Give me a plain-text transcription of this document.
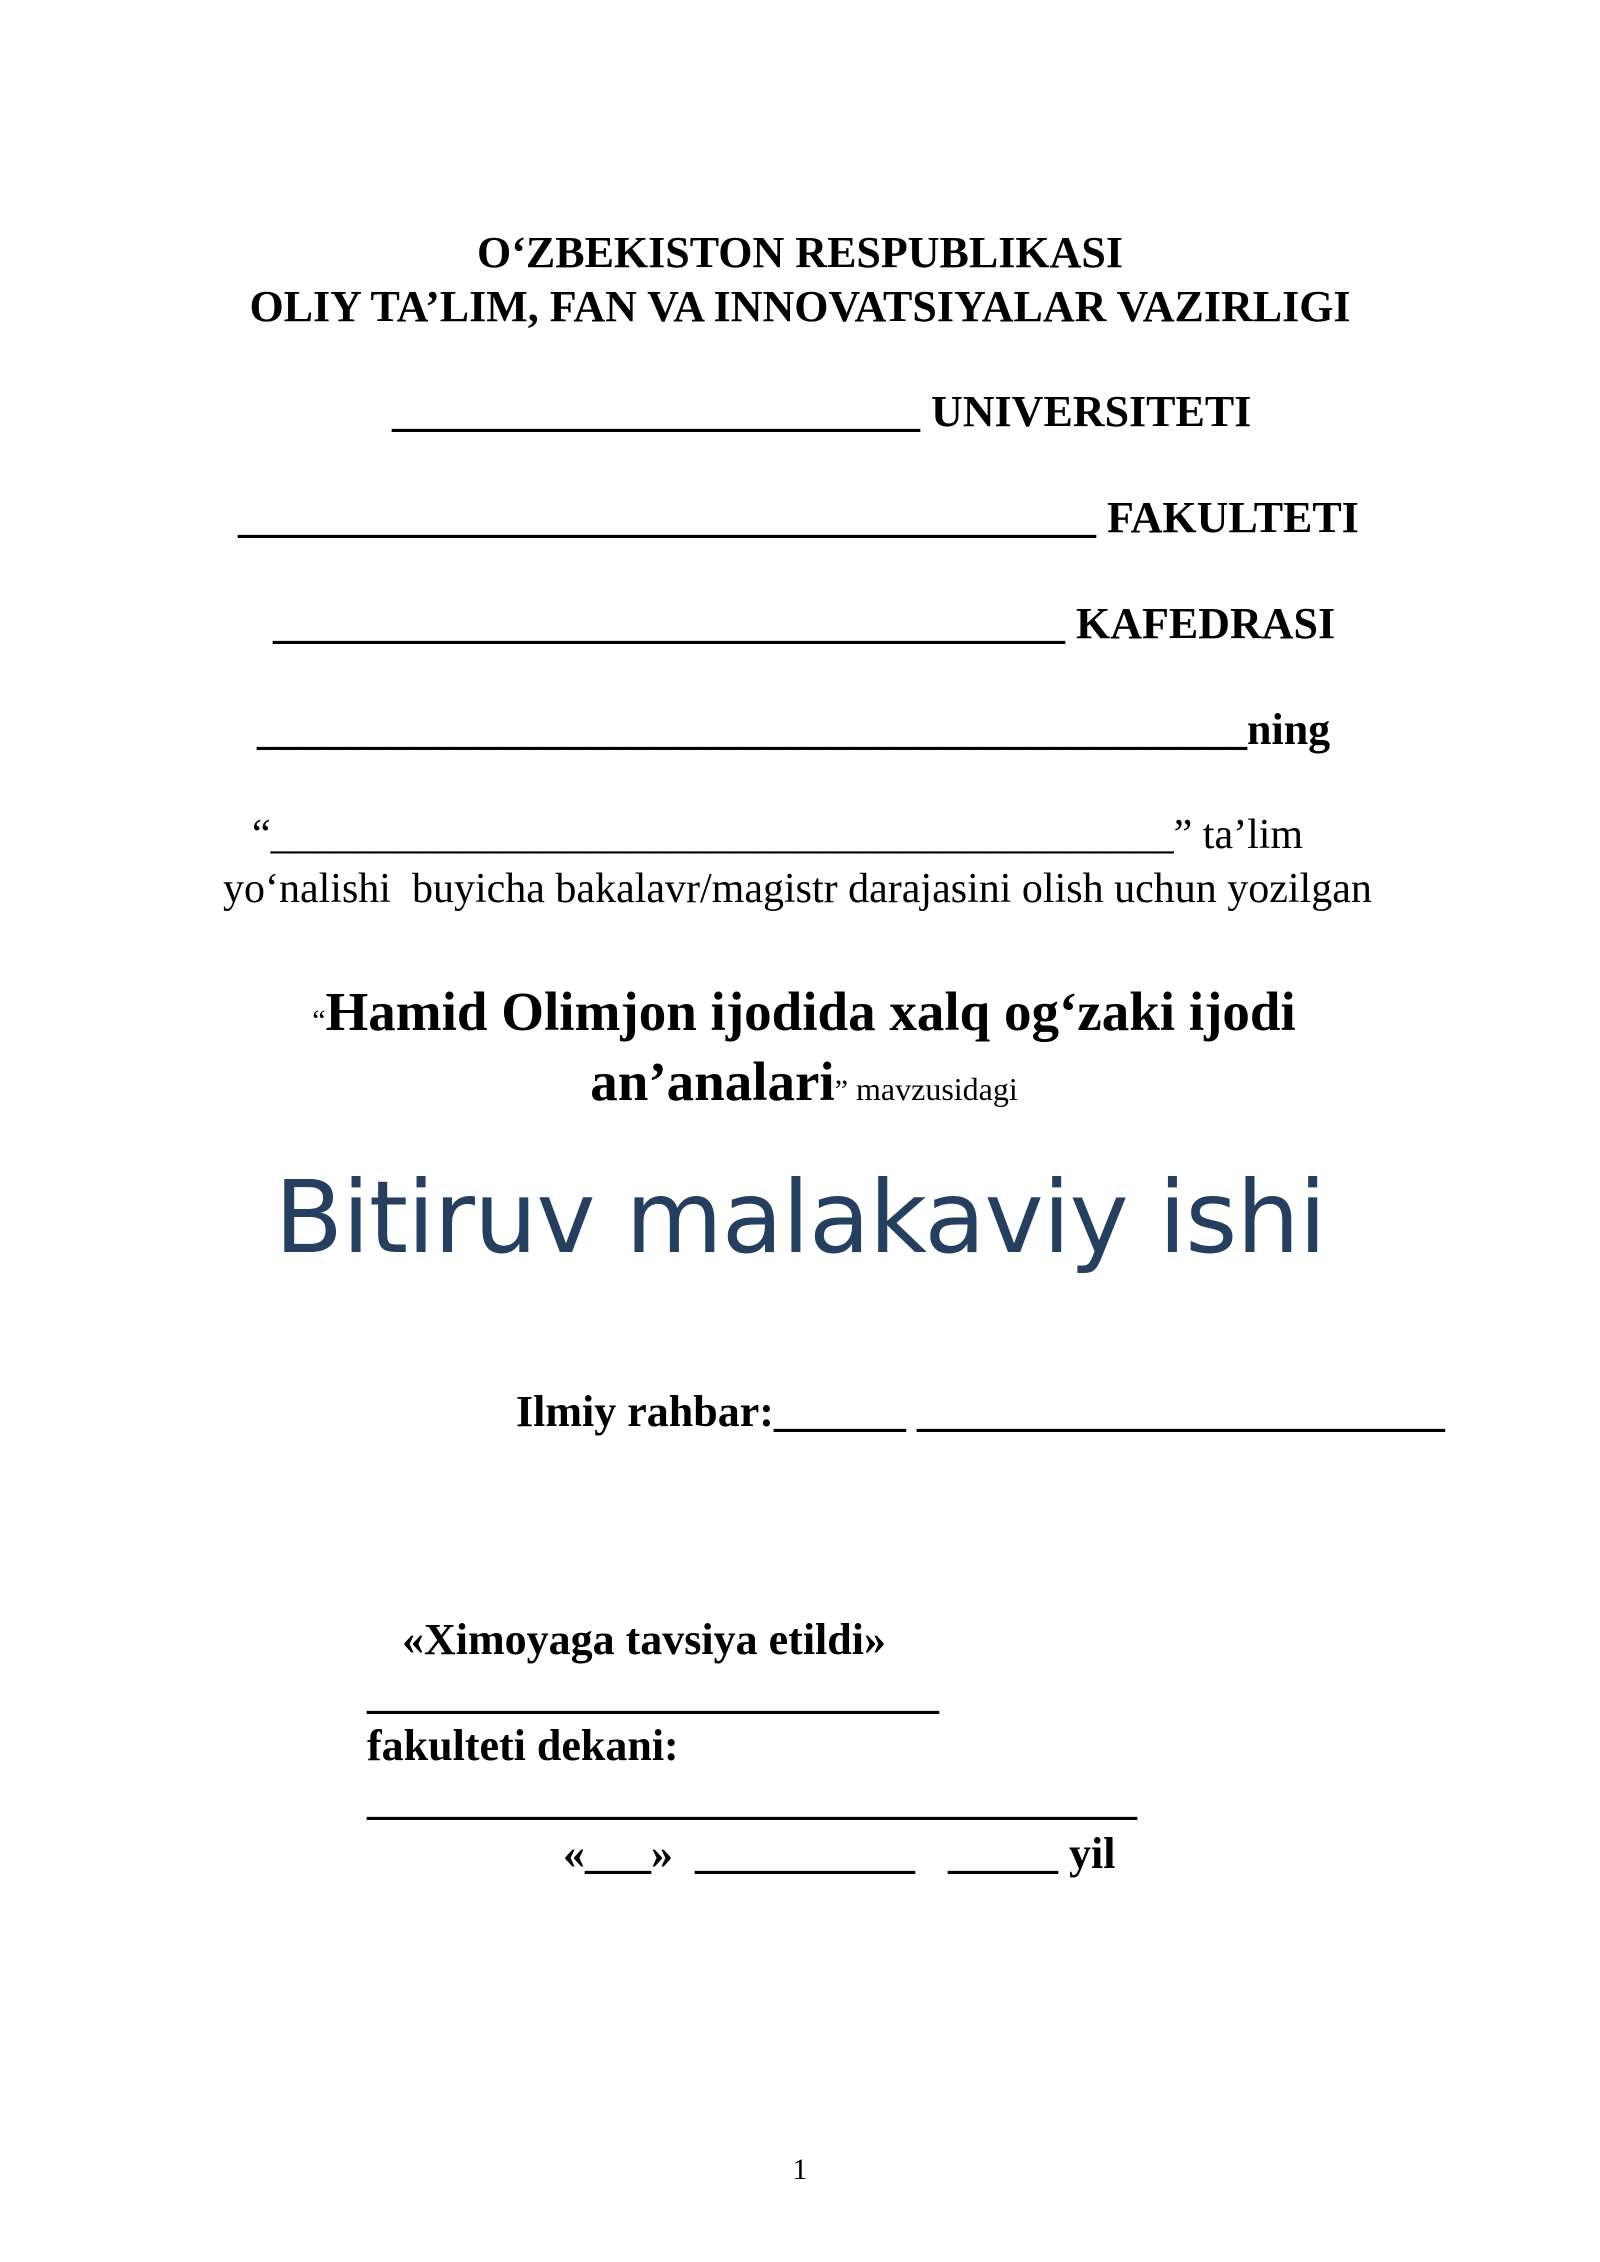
O‘ZBEKISTON RESPUBLIKASI
OLIY TA’LIM, FAN VA INNOVATSIYALAR VAZIRLIGI
________________________ UNIVERSITETI
_______________________________________ FAKULTETI
____________________________________ KAFEDRASI
_____________________________________________ning
“___________________________________________” ta’lim
yo‘nalishi  buyicha bakalavr/magistr darajasini olish uchun yozilgan

“Hamid Olimjon ijodida xalq og‘zaki ijodi

an’analari” mavzusidagi

Bitiruv malakaviy ishi
Ilmiy rahbar:______ ________________________
«Ximoyaga tavsiya etildi»
__________________________
fakulteti dekani:
___________________________________
«___»  __________   _____ yil
1
